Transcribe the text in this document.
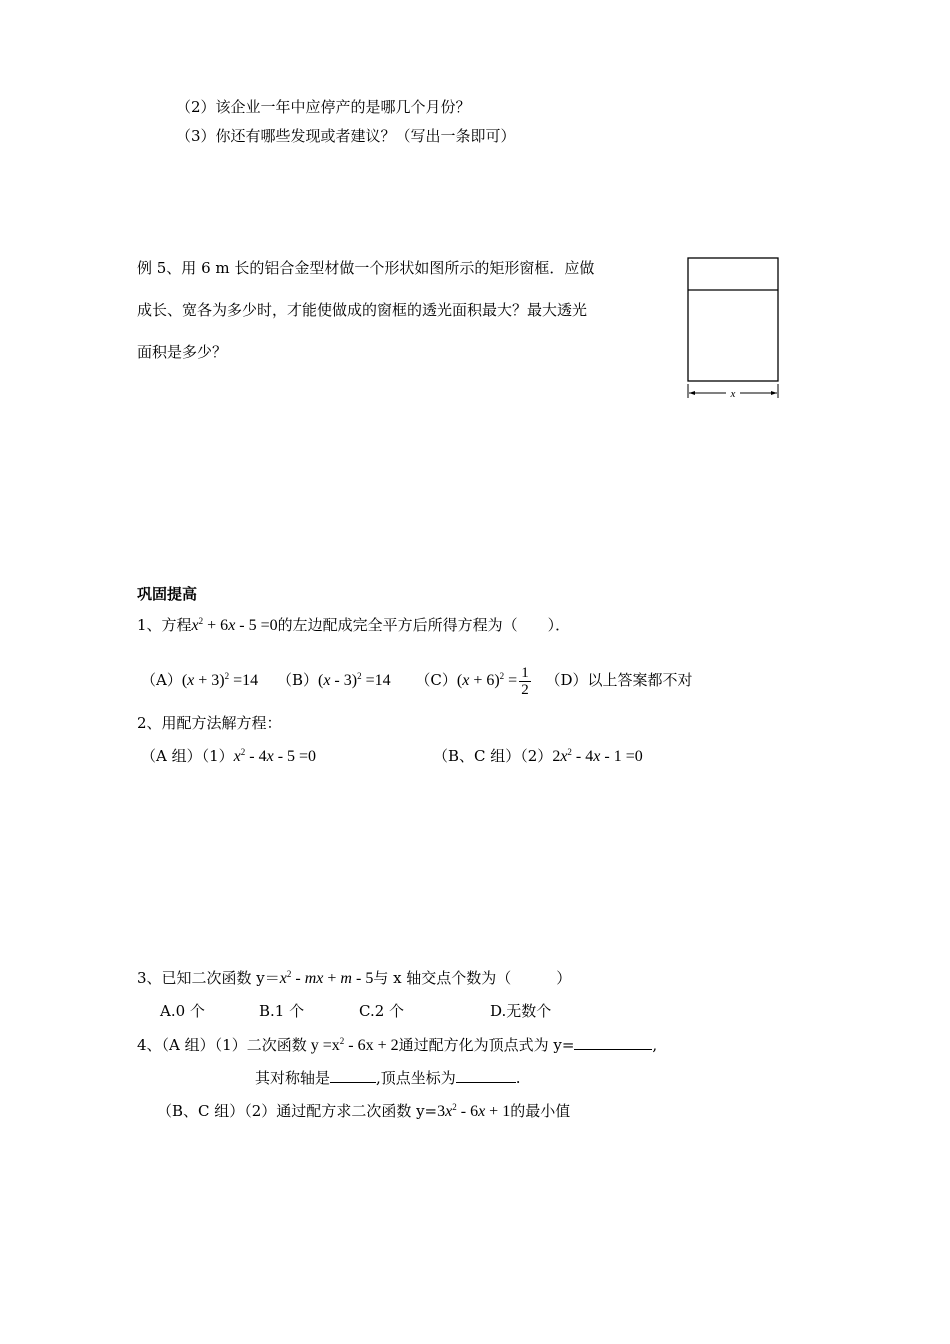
（2）该企业一年中应停产的是哪几个月份？
（3）你还有哪些发现或者建议？（写出一条即可）
例 5、用 6 m 长的铝合金型材做一个形状如图所示的矩形窗框．应做
成长、宽各为多少时，才能使做成的窗框的透光面积最大？最大透光
面积是多少？
x
巩固提高
1、方程$x^2 + 6x - 5 =0$的左边配成完全平方后所得方程为（　　）．
$(A)(x + 3)^2 =14$ （B）(x - 3)$^2$ =14 $(C)(x + 6)^2 = \frac{1}{2} (D)$以上答案都不对
2、用配方法解方程：
（A 组）$(1)x^2 - 4x - 5 =0$	（B、C 组）$(2)2x^2 - 4x - 1 =0$
3、已知二次函数 $y=x^2$ - mx + m - 5与 x 轴交点个数为（　　　）
A.0 个	B.1 个	C.2 个	D.无数个
4、（A 组）（1）二次函数 $y =x^2 - 6x + 2$通过配方化为顶点式为 y=	,
其对称轴是	,顶点坐标为	.
（B、C 组）（2）通过配方求二次函数 $y=3x^2 - 6x + 1$的最小值
